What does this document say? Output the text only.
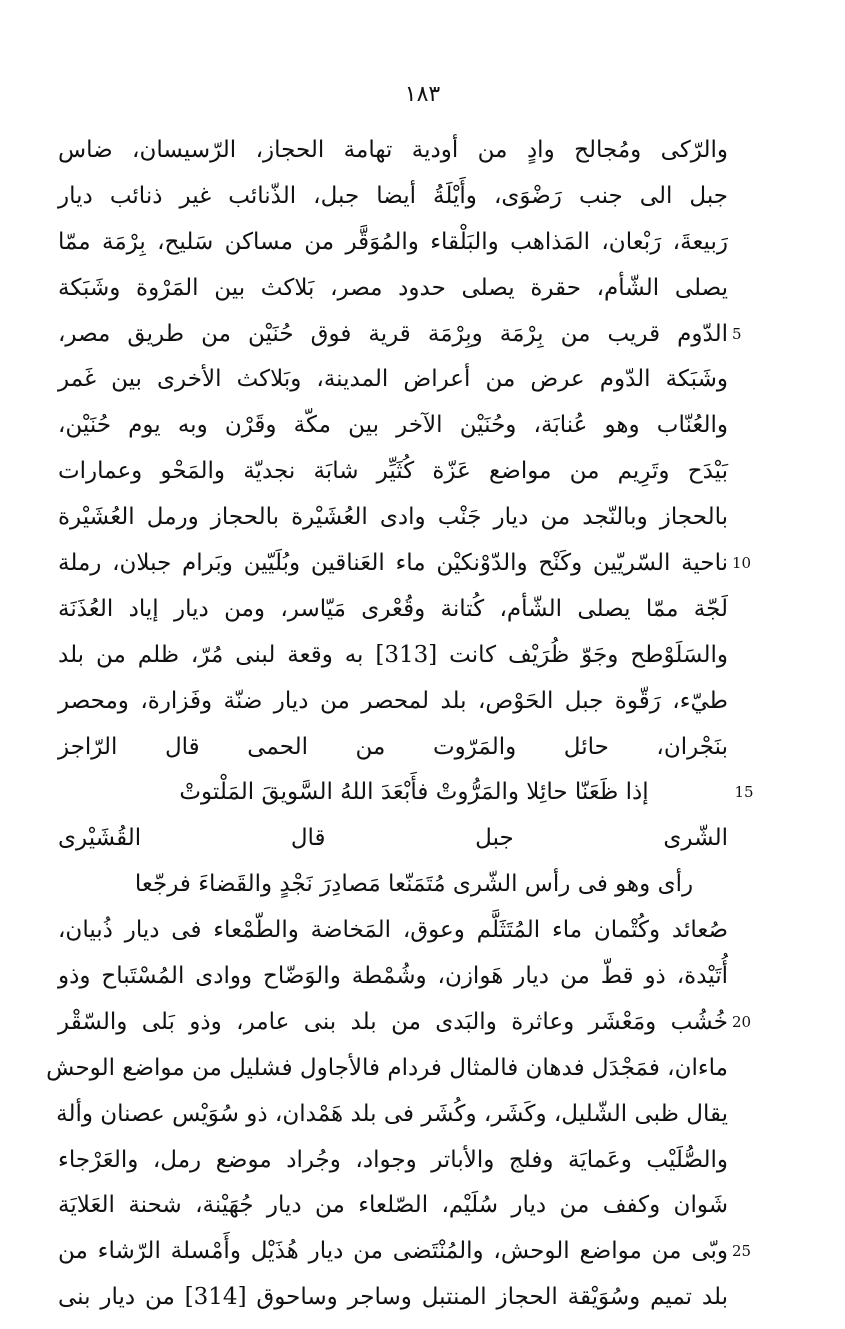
١٨٣
والرّكى ومُجالح وادٍ من أودية تهامة الحجاز، الرّسيسان، ضاس
جبل الى جنب رَضْوَى، وأَيْلَةُ أيضا جبل، الذّنائب غير ذنائب ديار
رَبيعةَ، رَبْعان، المَذاهب والبَلْقاء والمُوَقَّر من مساكن سَليح، بِرْمَة ممّا
يصلى الشّأم، حقرة يصلى حدود مصر، بَلاكث بين المَرْوة وشَبَكة
الدّوم قريب من بِرْمَة وبِرْمَة قرية فوق حُنَيْن من طريق مصر، 5
وشَبَكة الدّوم عرض من أعراض المدينة، وبَلاكث الأخرى بين غَمر
والعُنّاب وهو عُنابَة، وحُنَيْن الآخر بين مكّة وقَرْن وبه يوم حُنَيْن،
بَيْدَح وتَرِيم من مواضع عَزّة كُثَيِّر شابَة نجديّة والمَحْو وعمارات
بالحجاز وبالنّجد من ديار جَنْب وادى العُشَيْرة بالحجاز ورمل العُشَيْرة
ناحية السّريّين وكَنْح والدّوْنكيْن ماء العَناقين وبُلَيّين وبَرام جبلان، رملة 10
لَجّة ممّا يصلى الشّأم، كُتانة وقُعْرى مَيّاسر، ومن ديار إياد العُذَنَة
والسَلَوْطح وجَوّ ظُرَيْف كانت [313] به وقعة لبنى مُرّ، ظلم من بلد
طيّء، رَقّوة جبل الحَوْص، بلد لمحصر من ديار ضنّة وفَزارة، ومحصر
بنَجْران، حائل والمَرّوت من الحمى قال الرّاجز
إذا ظَعَنّا حائِلا والمَرُّوتْ فأَبْعَدَ اللهُ السَّويقَ المَلْتوتْ	15
الشّرى جبل قال القُشَيْرى
رأى وهو فى رأس الشّرى مُتَمَنّعا مَصادِرَ نَجْدٍ والقَضاءَ فرجّعا
صُعائد وكُتْمان ماء المُتَثَلَّم وعوق، المَخاضة والطّمْعاء فى ديار ذُبيان،
أُتَيْدة، ذو قطّ من ديار هَوازن، وشُمْطة والوَضّاح ووادى المُسْتَباح وذو
خُشُب ومَعْشَر وعاثرة والبَدى من بلد بنى عامر، وذو بَلى والسّقْر 20
ماءان، فمَجْدَل فدهان فالمثال فردام فالأجاول فشليل من مواضع الوحش
يقال ظبى الشّليل، وكَشَر، وكُشَر فى بلد هَمْدان، ذو سُوَيْس عصنان وألة
والصُّلَيْب وعَمايَة وفلج والأباتر وجواد، وجُراد موضع رمل، والعَرْجاء
شَوان وكفف من ديار سُلَيْم، الصّلعاء من ديار جُهَيْنة، شحنة العَلايَة
وبّى من مواضع الوحش، والمُنْتَضى من ديار هُذَيْل وأَمْسلة الرّشاء من 25
بلد تميم وسُوَيْقة الحجاز المنتبل وساجر وساحوق [314] من ديار بنى
